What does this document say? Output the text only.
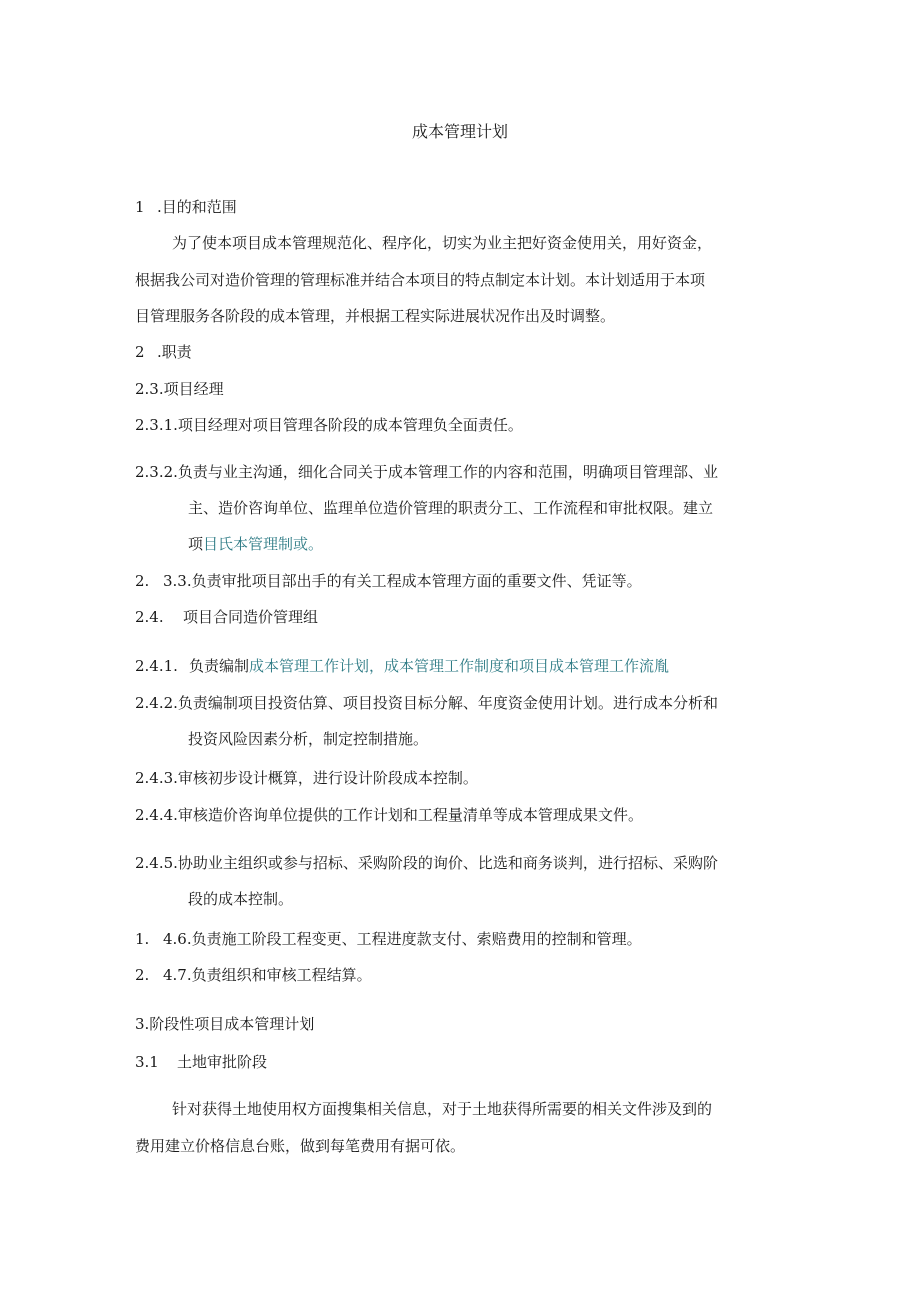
成本管理计划

1 .目的和范围

为了使本项目成本管理规范化、程序化，切实为业主把好资金使用关，用好资金，

根据我公司对造价管理的管理标准并结合本项目的特点制定本计划。本计划适用于本项

目管理服务各阶段的成本管理，并根据工程实际进展状况作出及时调整。

2 .职责

2.3.项目经理

2.3.1.项目经理对项目管理各阶段的成本管理负全面责任。

2.3.2.负责与业主沟通，细化合同关于成本管理工作的内容和范围，明确项目管理部、业

主、造价咨询单位、监理单位造价管理的职责分工、工作流程和审批权限。建立

项目氏本管理制或。

2. 3.3.负责审批项目部出手的有关工程成本管理方面的重要文件、凭证等。

2.4. 项目合同造价管理组

2.4.1. 负责编制成本管理工作计划，成本管理工作制度和项目成本管理工作流胤

2.4.2.负责编制项目投资估算、项目投资目标分解、年度资金使用计划。进行成本分析和

投资风险因素分析，制定控制措施。

2.4.3.审核初步设计概算，进行设计阶段成本控制。

2.4.4.审核造价咨询单位提供的工作计划和工程量清单等成本管理成果文件。

2.4.5.协助业主组织或参与招标、采购阶段的询价、比选和商务谈判，进行招标、采购阶

段的成本控制。

1. 4.6.负责施工阶段工程变更、工程进度款支付、索赔费用的控制和管理。

2. 4.7.负责组织和审核工程结算。

3.阶段性项目成本管理计划

3.1 土地审批阶段

针对获得土地使用权方面搜集相关信息，对于土地获得所需要的相关文件涉及到的

费用建立价格信息台账，做到每笔费用有据可依。
